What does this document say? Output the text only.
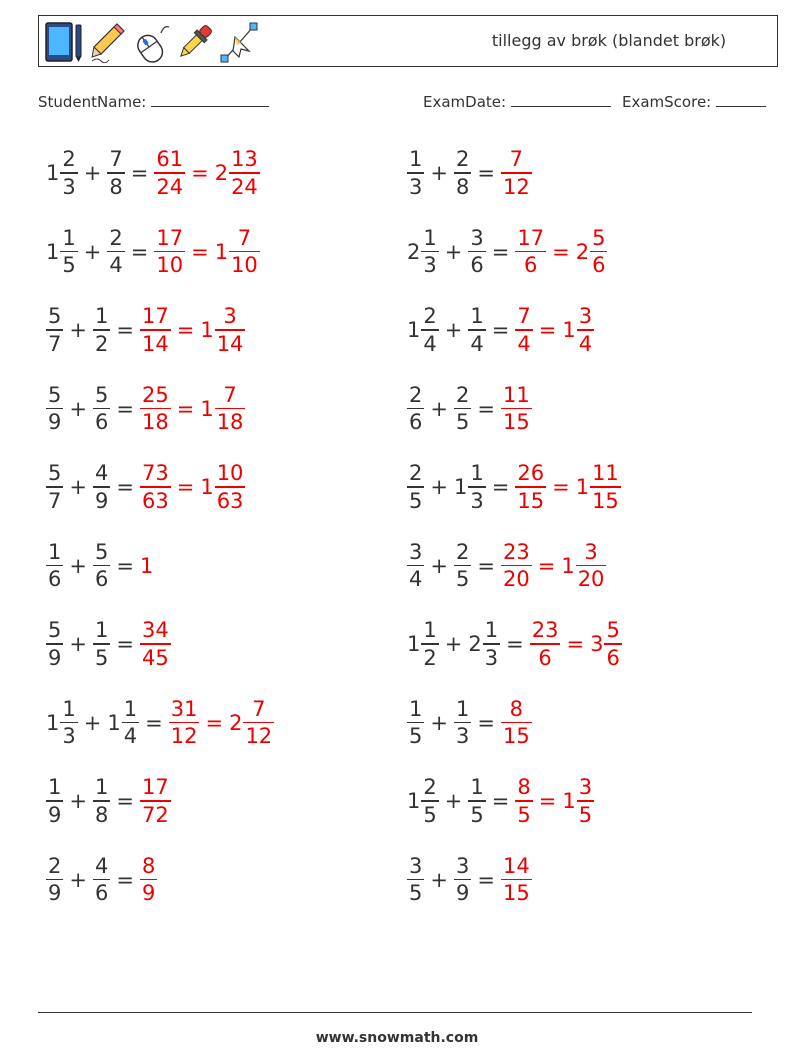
tillegg av brøk (blandet brøk)
StudentName:	ExamDate:	ExamScore:
$1 \frac{2}{3} + \frac{7}{8} = \frac{61}{24} = 2 \frac{13}{24}$
$1 \frac{1}{5} + \frac{2}{4} = \frac{17}{10} = 1 \frac{7}{10}$
$\frac{5}{7} + \frac{1}{2} = \frac{17}{14} = 1 \frac{3}{14}$
$\frac{5}{9} + \frac{5}{6} = \frac{25}{18} = 1 \frac{7}{18}$
$\frac{5}{7} + \frac{4}{9} = \frac{73}{63} = 1 \frac{10}{63}$
$\frac{1}{6} + \frac{5}{6} = 1$
$\frac{5}{9} + \frac{1}{5} = \frac{34}{45}$
$1 \frac{1}{3} + 1 \frac{1}{4} = \frac{31}{12} = 2 \frac{7}{12}$
$\frac{1}{9} + \frac{1}{8} = \frac{17}{72}$
$\frac{2}{9} + \frac{4}{6} = \frac{8}{9}$
$\frac{1}{3} + \frac{2}{8} = \frac{7}{12}$
$2 \frac{1}{3} + \frac{3}{6} = \frac{17}{6} = 2 \frac{5}{6}$
$1 \frac{2}{4} + \frac{1}{4} = \frac{7}{4} = 1 \frac{3}{4}$
$\frac{2}{6} + \frac{2}{5} = \frac{11}{15}$
$\frac{2}{5} + 1 \frac{1}{3} = \frac{26}{15} = 1 \frac{11}{15}$
$\frac{3}{4} + \frac{2}{5} = \frac{23}{20} = 1 \frac{3}{20}$
$1 \frac{1}{2} + 2 \frac{1}{3} = \frac{23}{6} = 3 \frac{5}{6}$
$\frac{1}{5} + \frac{1}{3} = \frac{8}{15}$
$1 \frac{2}{5} + \frac{1}{5} = \frac{8}{5} = 1 \frac{3}{5}$
$\frac{3}{5} + \frac{3}{9} = \frac{14}{15}$
www.snowmath.com
